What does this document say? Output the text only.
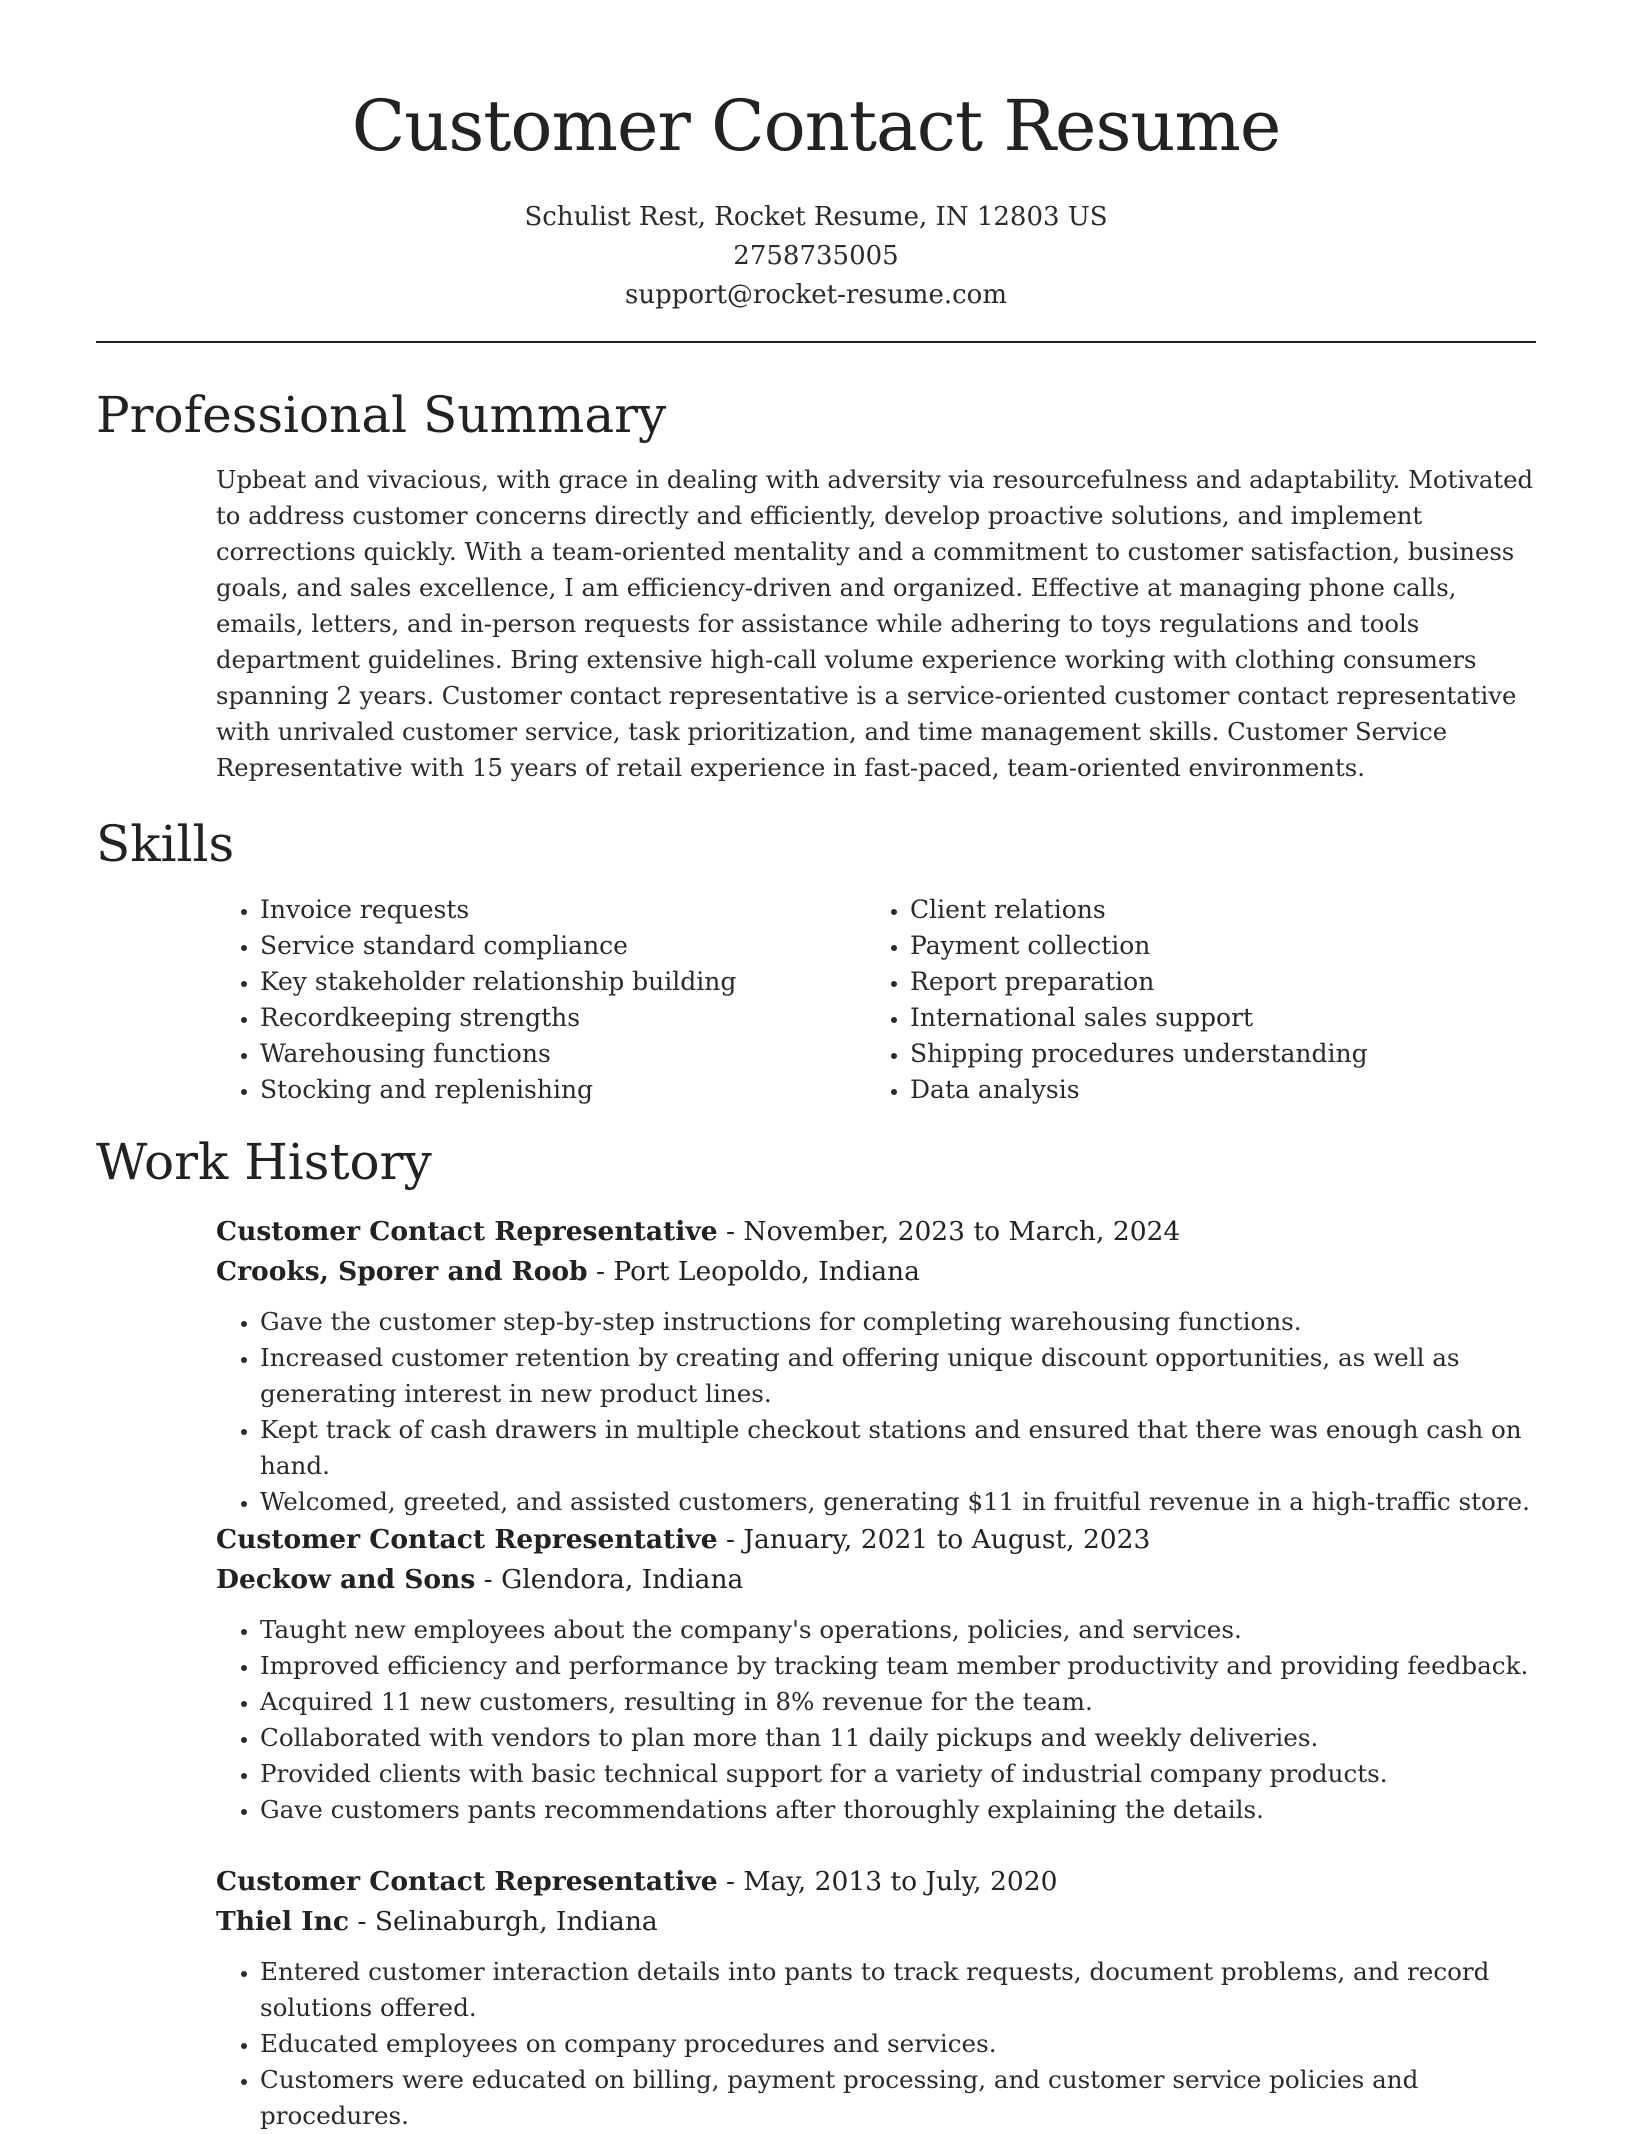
Customer Contact Resume

Schulist Rest, Rocket Resume, IN 12803 US

2758735005

support@rocket-resume.com

Professional Summary

Upbeat and vivacious, with grace in dealing with adversity via resourcefulness and adaptability. Motivated to address customer concerns directly and efficiently, develop proactive solutions, and implement corrections quickly. With a team-oriented mentality and a commitment to customer satisfaction, business goals, and sales excellence, I am efficiency-driven and organized. Effective at managing phone calls, emails, letters, and in-person requests for assistance while adhering to toys regulations and tools department guidelines. Bring extensive high-call volume experience working with clothing consumers spanning 2 years. Customer contact representative is a service-oriented customer contact representative with unrivaled customer service, task prioritization, and time management skills. Customer Service Representative with 15 years of retail experience in fast-paced, team-oriented environments.

Skills
• Invoice requests
• Service standard compliance
• Key stakeholder relationship building
• Recordkeeping strengths
• Warehousing functions
• Stocking and replenishing
• Client relations
• Payment collection
• Report preparation
• International sales support
• Shipping procedures understanding
• Data analysis
Work History

Customer Contact Representative - November, 2023 to March, 2024

Crooks, Sporer and Roob - Port Leopoldo, Indiana

• Gave the customer step-by-step instructions for completing warehousing functions.
• Increased customer retention by creating and offering unique discount opportunities, as well as generating interest in new product lines.
• Kept track of cash drawers in multiple checkout stations and ensured that there was enough cash on hand.
• Welcomed, greeted, and assisted customers, generating $11 in fruitful revenue in a high-traffic store.

Customer Contact Representative - January, 2021 to August, 2023

Deckow and Sons - Glendora, Indiana

• Taught new employees about the company's operations, policies, and services.
• Improved efficiency and performance by tracking team member productivity and providing feedback.
• Acquired 11 new customers, resulting in 8% revenue for the team.
• Collaborated with vendors to plan more than 11 daily pickups and weekly deliveries.
• Provided clients with basic technical support for a variety of industrial company products.
• Gave customers pants recommendations after thoroughly explaining the details.

Customer Contact Representative - May, 2013 to July, 2020

Thiel Inc - Selinaburgh, Indiana

• Entered customer interaction details into pants to track requests, document problems, and record solutions offered.
• Educated employees on company procedures and services.
• Customers were educated on billing, payment processing, and customer service policies and procedures.
